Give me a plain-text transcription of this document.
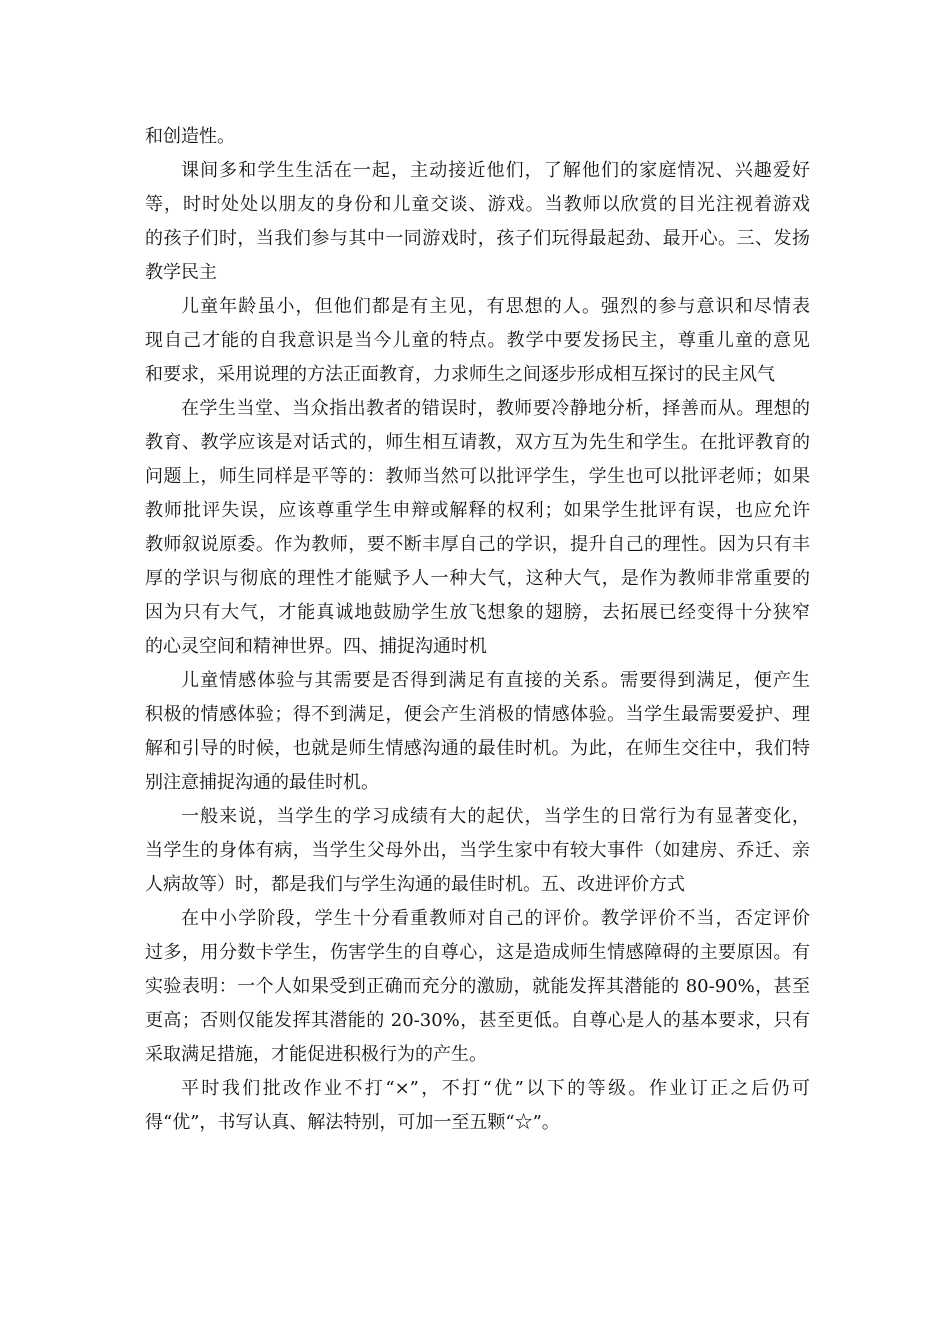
和创造性。
课间多和学生生活在一起，主动接近他们，了解他们的家庭情况、兴趣爱好
等，时时处处以朋友的身份和儿童交谈、游戏。当教师以欣赏的目光注视着游戏
的孩子们时，当我们参与其中一同游戏时，孩子们玩得最起劲、最开心。三、发扬
教学民主
儿童年龄虽小，但他们都是有主见，有思想的人。强烈的参与意识和尽情表
现自己才能的自我意识是当今儿童的特点。教学中要发扬民主，尊重儿童的意见
和要求，采用说理的方法正面教育，力求师生之间逐步形成相互探讨的民主风气
在学生当堂、当众指出教者的错误时，教师要冷静地分析，择善而从。理想的
教育、教学应该是对话式的，师生相互请教，双方互为先生和学生。在批评教育的
问题上，师生同样是平等的：教师当然可以批评学生，学生也可以批评老师；如果
教师批评失误，应该尊重学生申辩或解释的权利；如果学生批评有误，也应允许
教师叙说原委。作为教师，要不断丰厚自己的学识，提升自己的理性。因为只有丰
厚的学识与彻底的理性才能赋予人一种大气，这种大气，是作为教师非常重要的
因为只有大气，才能真诚地鼓励学生放飞想象的翅膀，去拓展已经变得十分狭窄
的心灵空间和精神世界。四、捕捉沟通时机
儿童情感体验与其需要是否得到满足有直接的关系。需要得到满足，便产生
积极的情感体验；得不到满足，便会产生消极的情感体验。当学生最需要爱护、理
解和引导的时候，也就是师生情感沟通的最佳时机。为此，在师生交往中，我们特
别注意捕捉沟通的最佳时机。
一般来说，当学生的学习成绩有大的起伏，当学生的日常行为有显著变化，
当学生的身体有病，当学生父母外出，当学生家中有较大事件（如建房、乔迁、亲
人病故等）时，都是我们与学生沟通的最佳时机。五、改进评价方式
在中小学阶段，学生十分看重教师对自己的评价。教学评价不当，否定评价
过多，用分数卡学生，伤害学生的自尊心，这是造成师生情感障碍的主要原因。有
实验表明：一个人如果受到正确而充分的激励，就能发挥其潜能的 80-90%，甚至
更高；否则仅能发挥其潜能的 20-30%，甚至更低。自尊心是人的基本要求，只有
采取满足措施，才能促进积极行为的产生。
平时我们批改作业不打“×”，不打“优”以下的等级。作业订正之后仍可
得“优”，书写认真、解法特别，可加一至五颗“☆”。
